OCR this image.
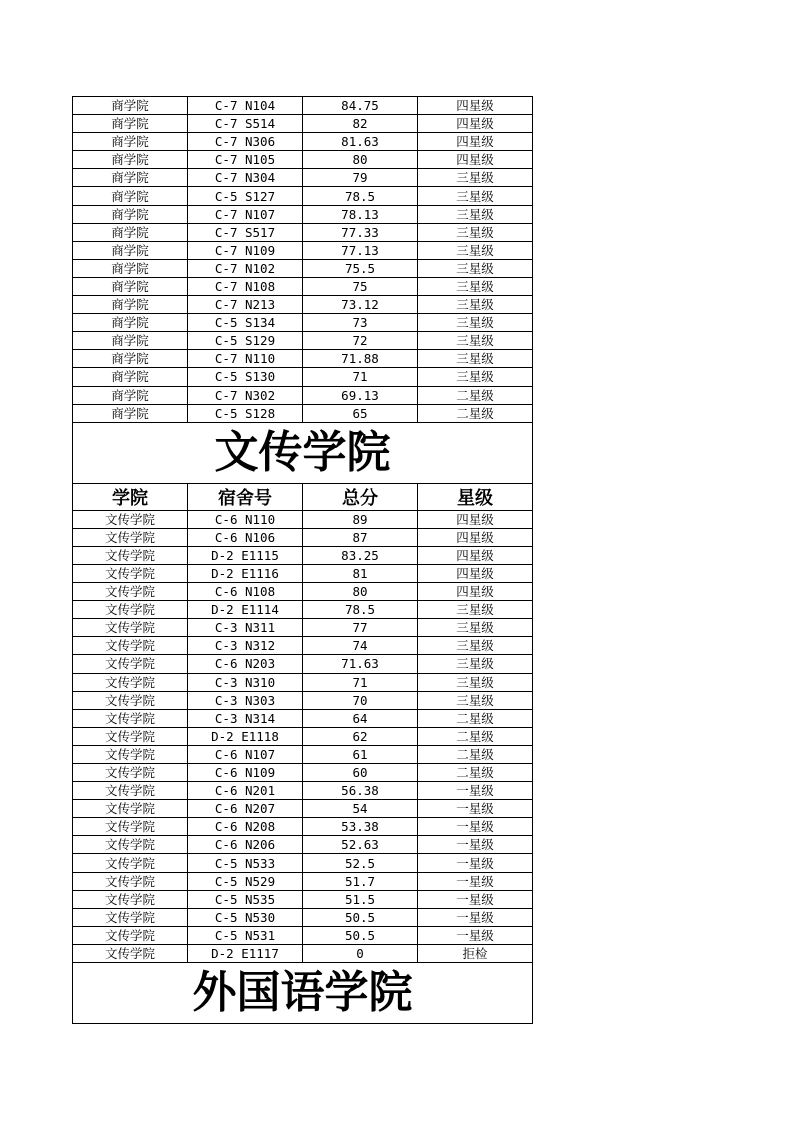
商学院	C-7 N104	84.75	四星级
商学院	C-7 S514	82	四星级
商学院	C-7 N306	81.63	四星级
商学院	C-7 N105	80	四星级
商学院	C-7 N304	79	三星级
商学院	C-5 S127	78.5	三星级
商学院	C-7 N107	78.13	三星级
商学院	C-7 S517	77.33	三星级
商学院	C-7 N109	77.13	三星级
商学院	C-7 N102	75.5	三星级
商学院	C-7 N108	75	三星级
商学院	C-7 N213	73.12	三星级
商学院	C-5 S134	73	三星级
商学院	C-5 S129	72	三星级
商学院	C-7 N110	71.88	三星级
商学院	C-5 S130	71	三星级
商学院	C-7 N302	69.13	二星级
商学院	C-5 S128	65	二星级
文传学院			
学院	宿舍号	总分	星级
文传学院	C-6 N110	89	四星级
文传学院	C-6 N106	87	四星级
文传学院	D-2 E1115	83.25	四星级
文传学院	D-2 E1116	81	四星级
文传学院	C-6 N108	80	四星级
文传学院	D-2 E1114	78.5	三星级
文传学院	C-3 N311	77	三星级
文传学院	C-3 N312	74	三星级
文传学院	C-6 N203	71.63	三星级
文传学院	C-3 N310	71	三星级
文传学院	C-3 N303	70	三星级
文传学院	C-3 N314	64	二星级
文传学院	D-2 E1118	62	二星级
文传学院	C-6 N107	61	二星级
文传学院	C-6 N109	60	二星级
文传学院	C-6 N201	56.38	一星级
文传学院	C-6 N207	54	一星级
文传学院	C-6 N208	53.38	一星级
文传学院	C-6 N206	52.63	一星级
文传学院	C-5 N533	52.5	一星级
文传学院	C-5 N529	51.7	一星级
文传学院	C-5 N535	51.5	一星级
文传学院	C-5 N530	50.5	一星级
文传学院	C-5 N531	50.5	一星级
文传学院	D-2 E1117	0	拒检
外国语学院			
